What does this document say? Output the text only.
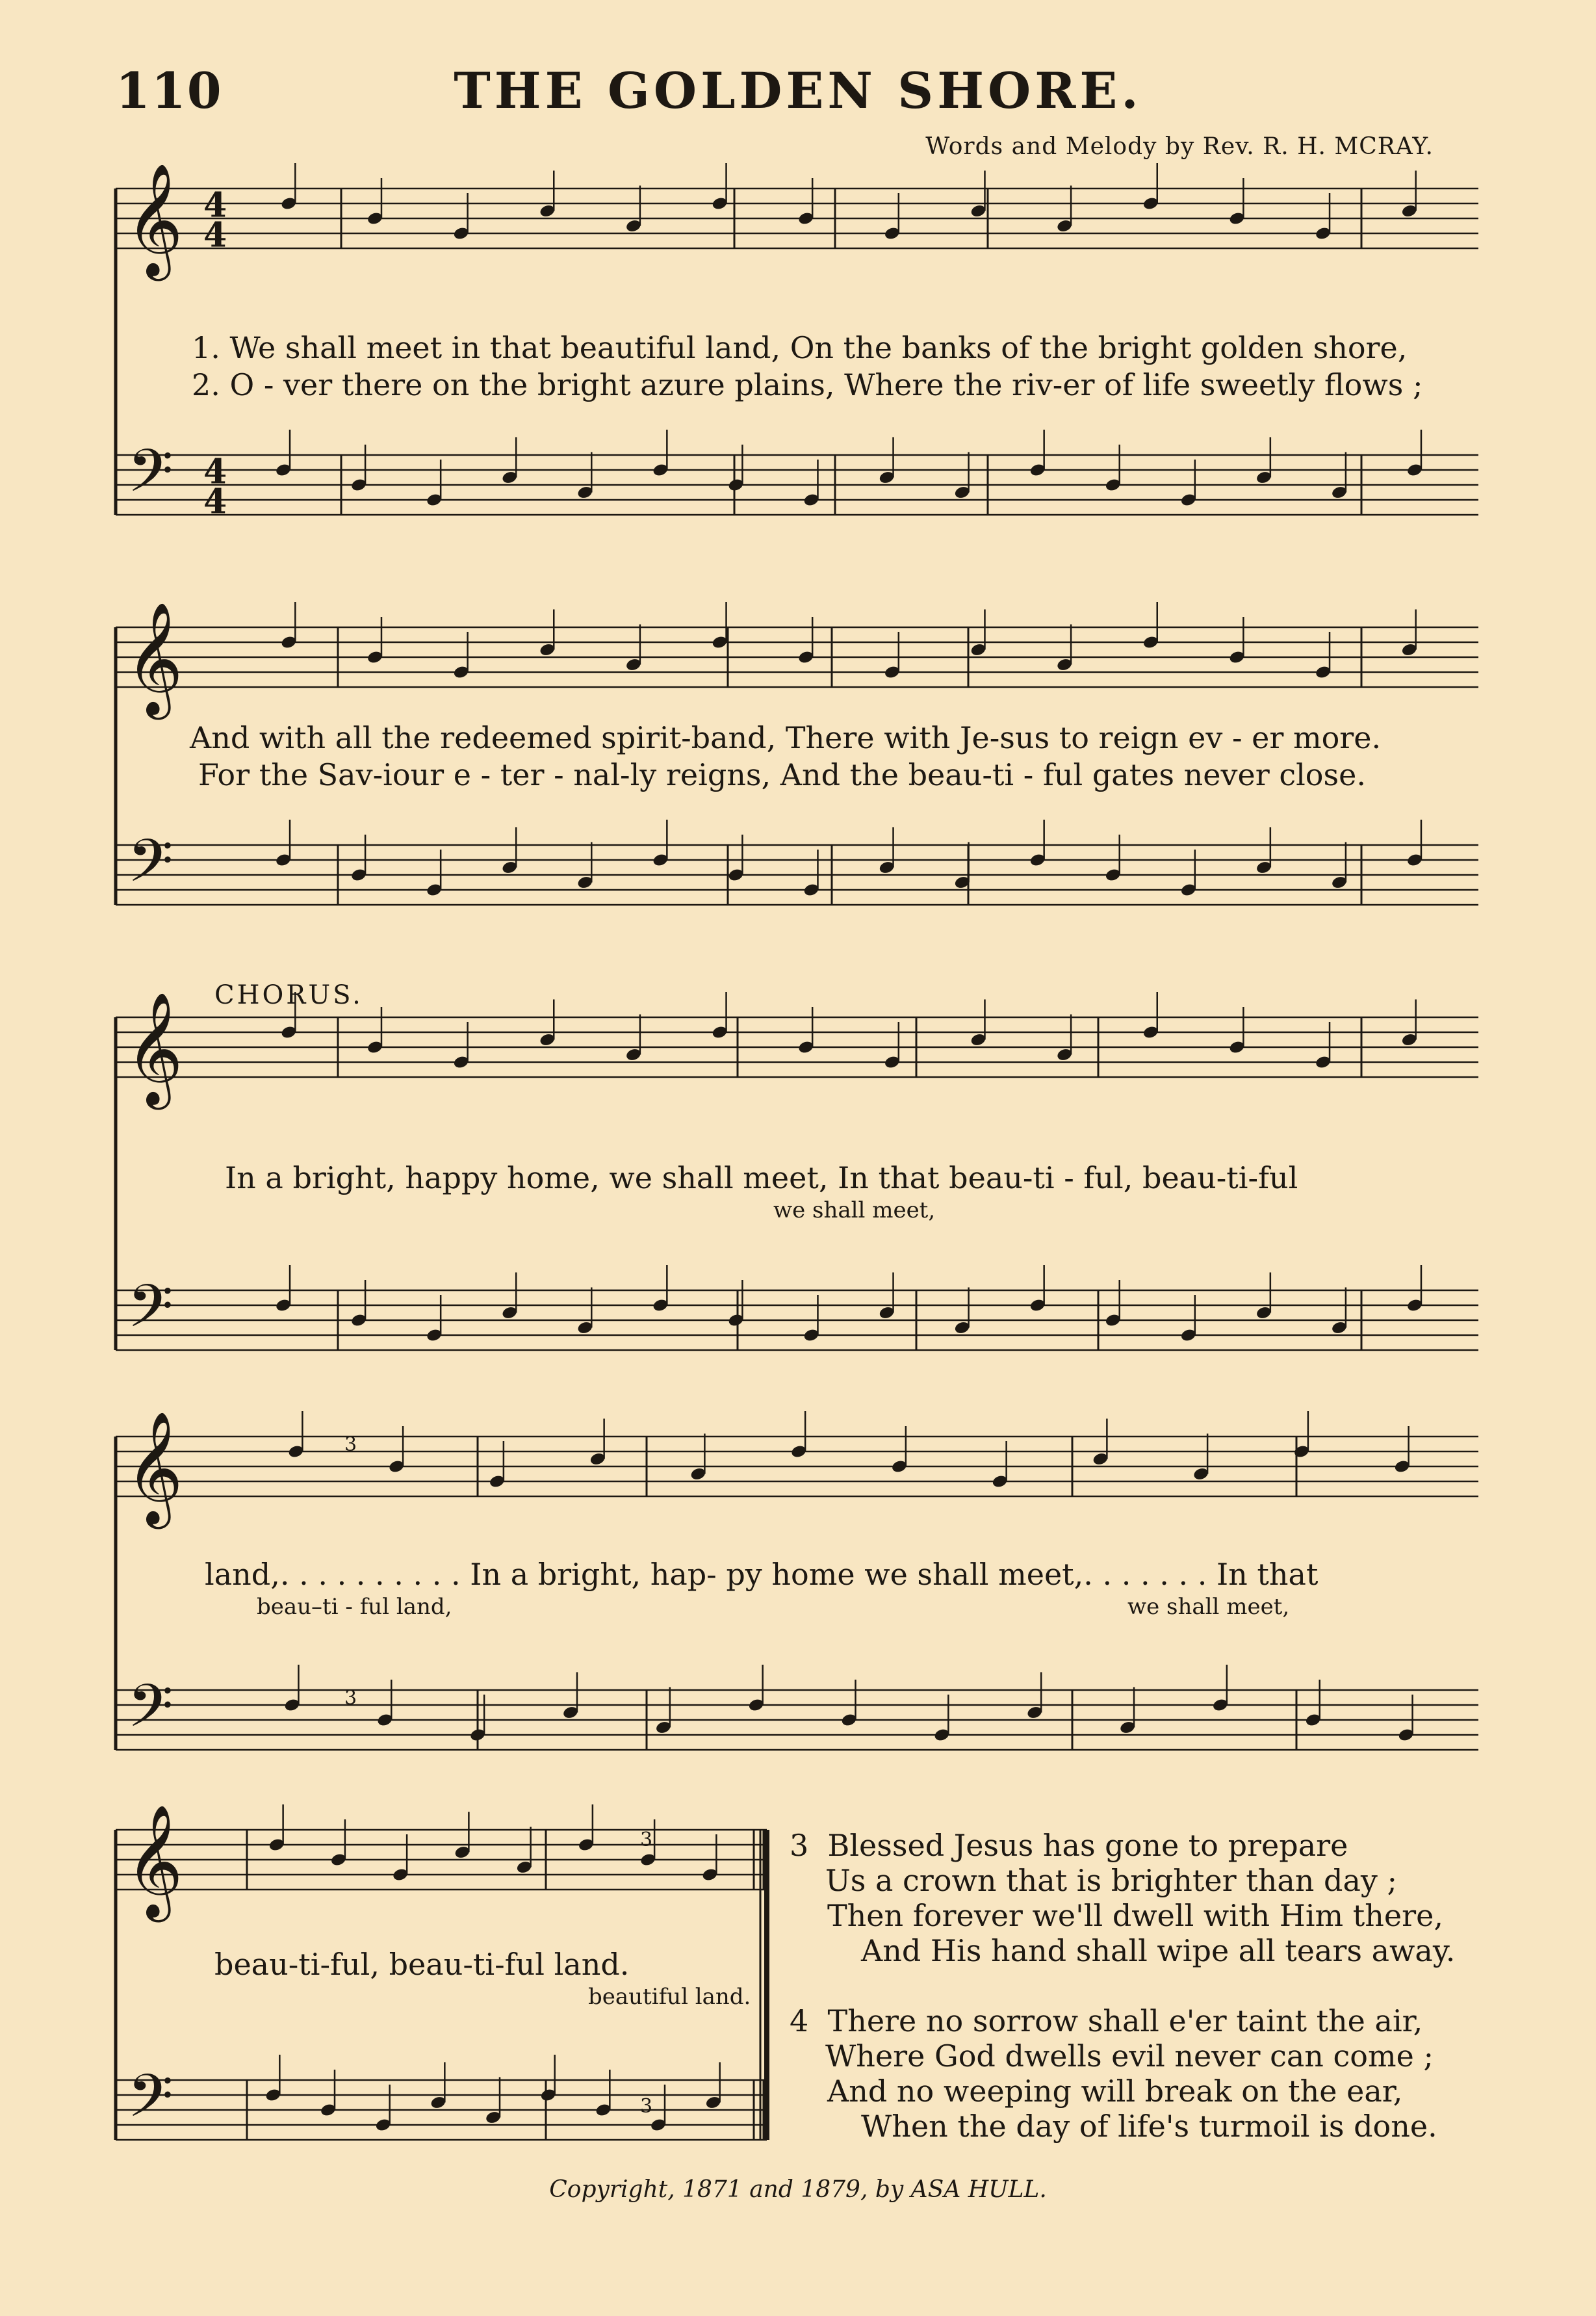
110	THE GOLDEN SHORE.
Words and Melody by Rev. R. H. MCRAY.
𝄞
𝄢
4
4
4
4
𝄞
𝄢
𝄞
𝄢
𝄞
𝄢
𝄞
𝄢
3
3
3
3
1. We shall meet in that beautiful land, On the banks of the bright golden shore,
2. O - ver there on the bright azure plains, Where the riv-er of life sweetly flows ;
And with all the redeemed spirit-band, There with Je-sus to reign ev - er more.
For the Sav-iour e - ter - nal-ly reigns, And the beau-ti - ful gates never close.
CHORUS.
In a bright, happy home, we shall meet, In that beau-ti - ful, beau-ti-ful
we shall meet,
land,. . . . . . . . . . In a bright, hap- py home we shall meet,. . . . . . . In that
beau–ti - ful land,	we shall meet,
beau-ti-ful, beau-ti-ful land.
beautiful land.
3 Blessed Jesus has gone to prepare
Us a crown that is brighter than day ;
Then forever we'll dwell with Him there,
And His hand shall wipe all tears away.
4 There no sorrow shall e'er taint the air,
Where God dwells evil never can come ;
And no weeping will break on the ear,
When the day of life's turmoil is done.
Copyright, 1871 and 1879, by ASA HULL.
